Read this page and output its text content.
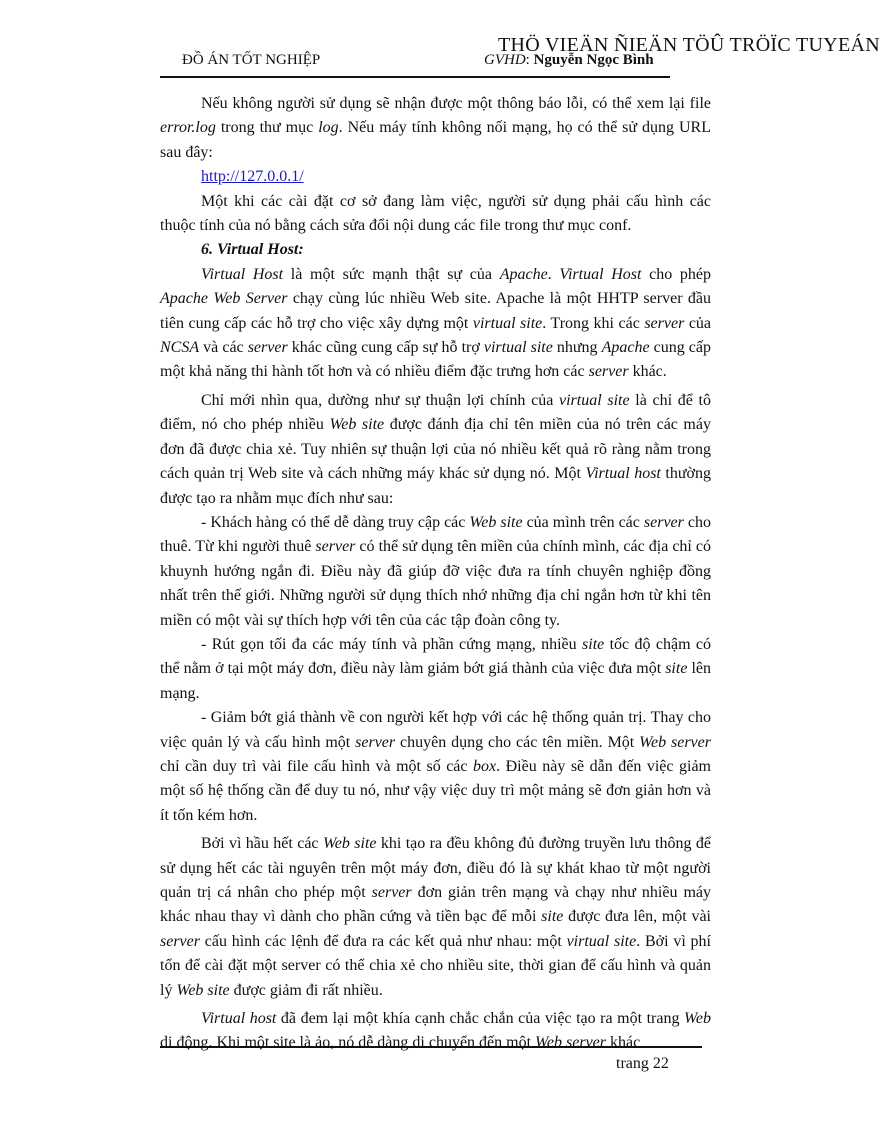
THÖ VIEÄN ÑIEÄN TÖÛ TRÖÏC TUYEÁN
ĐỒ ÁN TỐT NGHIỆP	GVHD: Nguyễn Ngọc Bình

Nếu không người sử dụng sẽ nhận được một thông báo lỗi, có thể xem lại file error.log trong thư mục log. Nếu máy tính không nối mạng, họ có thể sử dụng URL sau đây:

http://127.0.0.1/

Một khi các cài đặt cơ sở đang làm việc, người sử dụng phải cấu hình các thuộc tính của nó bằng cách sửa đổi nội dung các file trong thư mục conf.

6. Virtual Host:

Virtual Host là một sức mạnh thật sự của Apache. Virtual Host cho phép Apache Web Server chạy cùng lúc nhiều Web site. Apache là một HHTP server đầu tiên cung cấp các hỗ trợ cho việc xây dựng một virtual site. Trong khi các server của NCSA và các server khác cũng cung cấp sự hỗ trợ virtual site nhưng Apache cung cấp một khả năng thi hành tốt hơn và có nhiều điểm đặc trưng hơn các server khác.

Chỉ mới nhìn qua, dường như sự thuận lợi chính của virtual site là chỉ để tô điểm, nó cho phép nhiều Web site được đánh địa chỉ tên miền của nó trên các máy đơn đã được chia xẻ. Tuy nhiên sự thuận lợi của nó nhiều kết quả rõ ràng nằm trong cách quản trị Web site và cách những máy khác sử dụng nó. Một Virtual host thường được tạo ra nhằm mục đích như sau:

- Khách hàng có thể dễ dàng truy cập các Web site của mình trên các server cho thuê. Từ khi người thuê server có thể sử dụng tên miền của chính mình, các địa chỉ có khuynh hướng ngắn đi. Điều này đã giúp đỡ việc đưa ra tính chuyên nghiệp đồng nhất trên thế giới. Những người sử dụng thích nhớ những địa chỉ ngắn hơn từ khi tên miền có một vài sự thích hợp với tên của các tập đoàn công ty.

- Rút gọn tối đa các máy tính và phần cứng mạng, nhiều site tốc độ chậm có thể nằm ở tại một máy đơn, điều này làm giảm bớt giá thành của việc đưa một site lên mạng.

- Giảm bớt giá thành về con người kết hợp với các hệ thống quản trị. Thay cho việc quản lý và cấu hình một server chuyên dụng cho các tên miền. Một Web server chỉ cần duy trì vài file cấu hình và một số các box. Điều này sẽ dẫn đến việc giảm một số hệ thống cần để duy tu nó, như vậy việc duy trì một mảng sẽ đơn giản hơn và ít tốn kém hơn.

Bởi vì hầu hết các Web site khi tạo ra đều không đủ đường truyền lưu thông để sử dụng hết các tài nguyên trên một máy đơn, điều đó là sự khát khao từ một người quản trị cá nhân cho phép một server đơn giản trên mạng và chạy như nhiều máy khác nhau thay vì dành cho phần cứng và tiền bạc để mỗi site được đưa lên, một vài server cấu hình các lệnh để đưa ra các kết quả như nhau: một virtual site. Bởi vì phí tổn để cài đặt một server có thể chia xẻ cho nhiều site, thời gian để cấu hình và quản lý Web site được giảm đi rất nhiều.

Virtual host đã đem lại một khía cạnh chắc chắn của việc tạo ra một trang Web di động. Khi một site là ảo, nó dễ dàng di chuyển đến một Web server khác

trang 22
